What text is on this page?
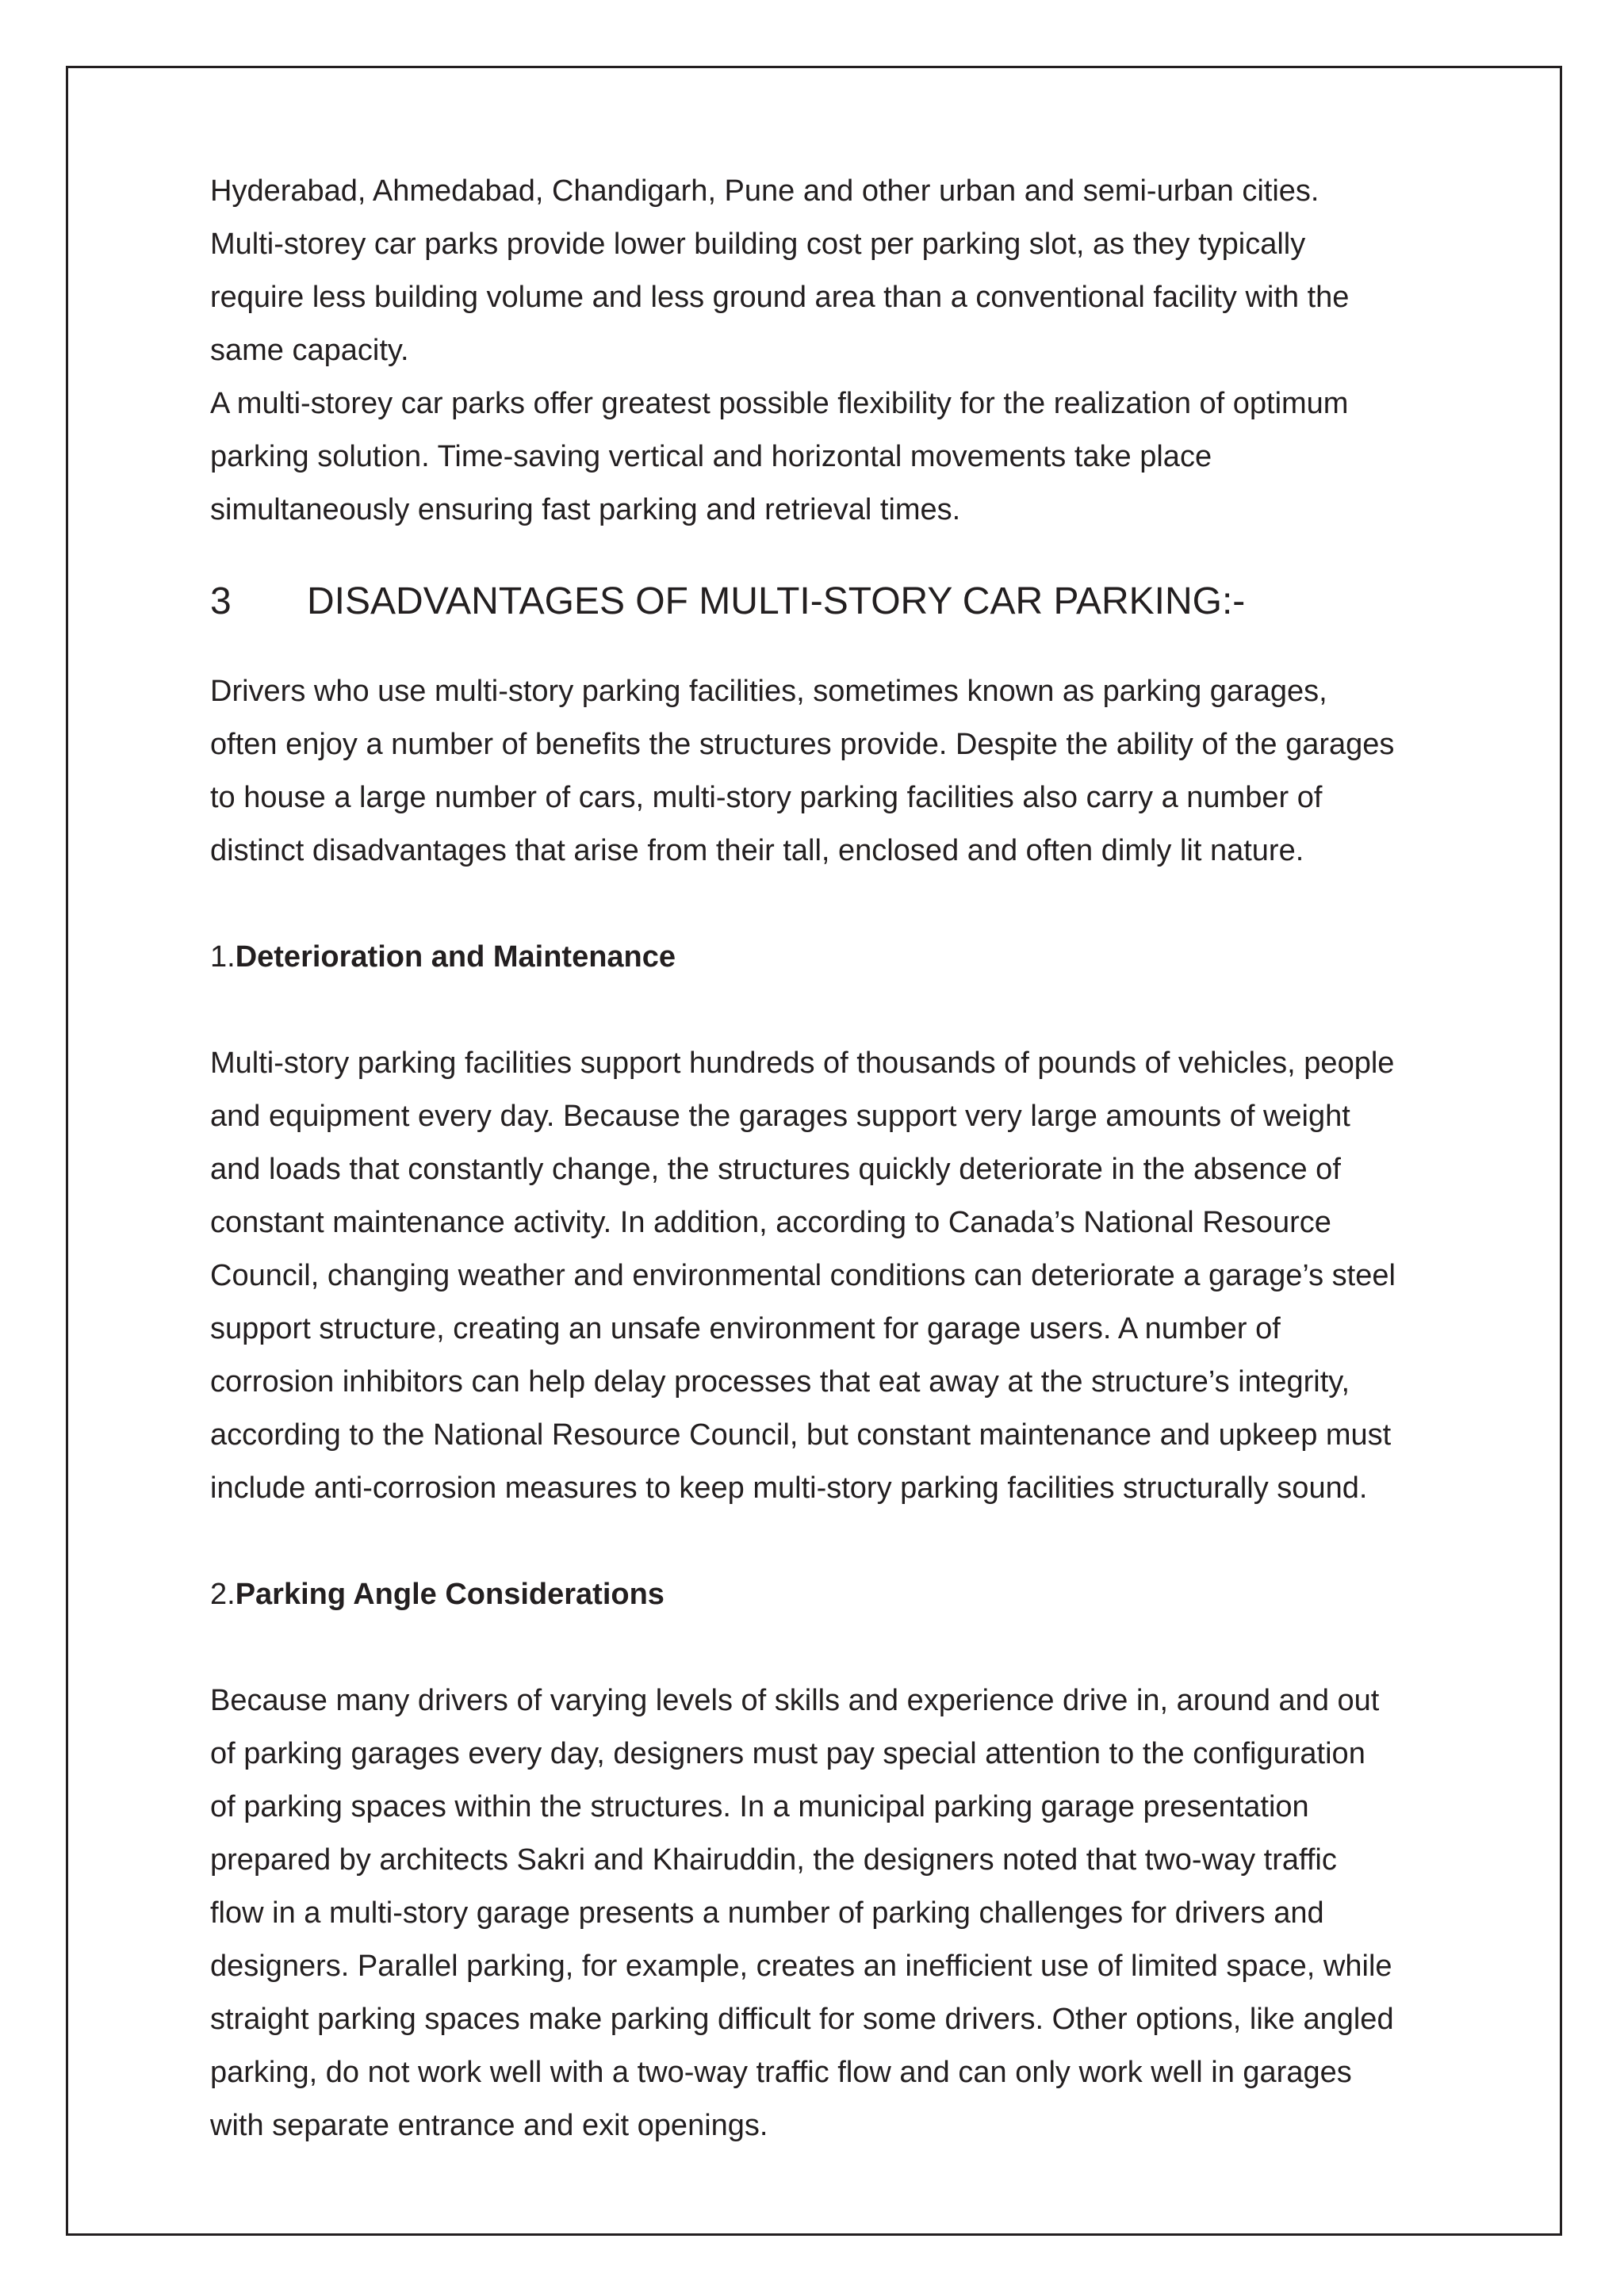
Hyderabad, Ahmedabad, Chandigarh, Pune and other urban and semi-urban cities.
Multi-storey car parks provide lower building cost per parking slot, as they typically
require less building volume and less ground area than a conventional facility with the
same capacity.
A multi-storey car parks offer greatest possible flexibility for the realization of optimum
parking solution. Time-saving vertical and horizontal movements take place
simultaneously ensuring fast parking and retrieval times.

3	DISADVANTAGES OF MULTI-STORY CAR PARKING:-

Drivers who use multi-story parking facilities, sometimes known as parking garages,
often enjoy a number of benefits the structures provide. Despite the ability of the garages
to house a large number of cars, multi-story parking facilities also carry a number of
distinct disadvantages that arise from their tall, enclosed and often dimly lit nature.

1.Deterioration and Maintenance

Multi-story parking facilities support hundreds of thousands of pounds of vehicles, people
and equipment every day. Because the garages support very large amounts of weight
and loads that constantly change, the structures quickly deteriorate in the absence of
constant maintenance activity. In addition, according to Canada’s National Resource
Council, changing weather and environmental conditions can deteriorate a garage’s steel
support structure, creating an unsafe environment for garage users. A number of
corrosion inhibitors can help delay processes that eat away at the structure’s integrity,
according to the National Resource Council, but constant maintenance and upkeep must
include anti-corrosion measures to keep multi-story parking facilities structurally sound.

2.Parking Angle Considerations

Because many drivers of varying levels of skills and experience drive in, around and out
of parking garages every day, designers must pay special attention to the configuration
of parking spaces within the structures. In a municipal parking garage presentation
prepared by architects Sakri and Khairuddin, the designers noted that two-way traffic
flow in a multi-story garage presents a number of parking challenges for drivers and
designers. Parallel parking, for example, creates an inefficient use of limited space, while
straight parking spaces make parking difficult for some drivers. Other options, like angled
parking, do not work well with a two-way traffic flow and can only work well in garages
with separate entrance and exit openings.
